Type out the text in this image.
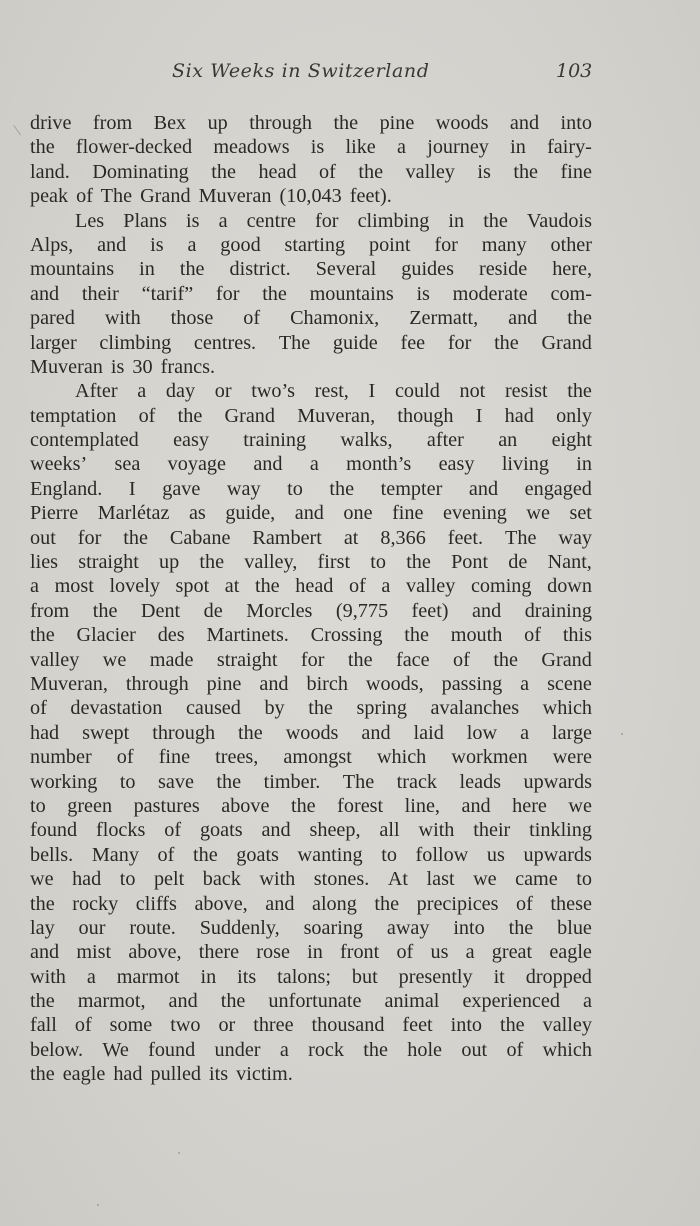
Six Weeks in Switzerland	103
drive from Bex up through the pine woods and into
the flower-decked meadows is like a journey in fairy-
land. Dominating the head of the valley is the fine
peak of The Grand Muveran (10,043 feet).
Les Plans is a centre for climbing in the Vaudois
Alps, and is a good starting point for many other
mountains in the district. Several guides reside here,
and their “tarif” for the mountains is moderate com-
pared with those of Chamonix, Zermatt, and the
larger climbing centres. The guide fee for the Grand
Muveran is 30 francs.
After a day or two’s rest, I could not resist the
temptation of the Grand Muveran, though I had only
contemplated easy training walks, after an eight
weeks’ sea voyage and a month’s easy living in
England. I gave way to the tempter and engaged
Pierre Marlétaz as guide, and one fine evening we set
out for the Cabane Rambert at 8,366 feet. The way
lies straight up the valley, first to the Pont de Nant,
a most lovely spot at the head of a valley coming down
from the Dent de Morcles (9,775 feet) and draining
the Glacier des Martinets. Crossing the mouth of this
valley we made straight for the face of the Grand
Muveran, through pine and birch woods, passing a scene
of devastation caused by the spring avalanches which
had swept through the woods and laid low a large
number of fine trees, amongst which workmen were
working to save the timber. The track leads upwards
to green pastures above the forest line, and here we
found flocks of goats and sheep, all with their tinkling
bells. Many of the goats wanting to follow us upwards
we had to pelt back with stones. At last we came to
the rocky cliffs above, and along the precipices of these
lay our route. Suddenly, soaring away into the blue
and mist above, there rose in front of us a great eagle
with a marmot in its talons; but presently it dropped
the marmot, and the unfortunate animal experienced a
fall of some two or three thousand feet into the valley
below. We found under a rock the hole out of which
the eagle had pulled its victim.
